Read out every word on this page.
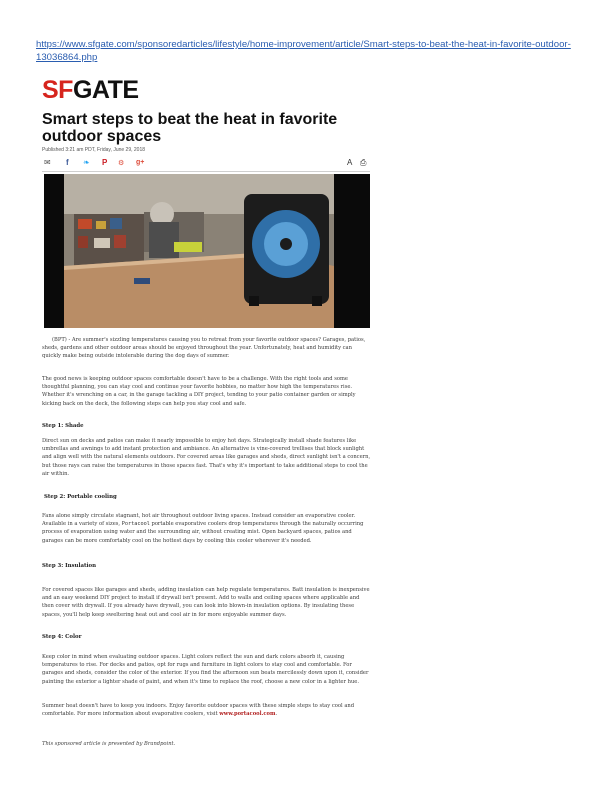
https://www.sfgate.com/sponsoredarticles/lifestyle/home-improvement/article/Smart-steps-to-beat-the-heat-in-favorite-outdoor-13036864.php
SFGATE
Smart steps to beat the heat in favorite outdoor spaces
Published 3:21 am PDT, Friday, June 29, 2018
✉ f ❧ P ⚙ g+	A ⎙

(BPT) - Are summer's sizzling temperatures causing you to retreat from your favorite outdoor spaces? Garages, patios, sheds, gardens and other outdoor areas should be enjoyed throughout the year. Unfortunately, heat and humidity can quickly make being outside intolerable during the dog days of summer.

The good news is keeping outdoor spaces comfortable doesn't have to be a challenge. With the right tools and some thoughtful planning, you can stay cool and continue your favorite hobbies, no matter how high the temperatures rise. Whether it's wrenching on a car, in the garage tackling a DIY project, tending to your patio container garden or simply kicking back on the deck, the following steps can help you stay cool and safe.

Step 1: Shade

Direct sun on decks and patios can make it nearly impossible to enjoy hot days. Strategically install shade features like umbrellas and awnings to add instant protection and ambiance. An alternative is vine-covered trellises that block sunlight and align well with the natural elements outdoors. For covered areas like garages and sheds, direct sunlight isn't a concern, but those rays can raise the temperatures in those spaces fast. That's why it's important to take additional steps to cool the air within.

Step 2: Portable cooling

Fans alone simply circulate stagnant, hot air throughout outdoor living spaces. Instead consider an evaporative cooler. Available in a variety of sizes, Portacool portable evaporative coolers drop temperatures through the naturally occurring process of evaporation using water and the surrounding air, without creating mist. Open backyard spaces, patios and garages can be more comfortably cool on the hottest days by cooling this cooler wherever it's needed.

Step 3: Insulation

For covered spaces like garages and sheds, adding insulation can help regulate temperatures. Batt insulation is inexpensive and an easy weekend DIY project to install if drywall isn't present. Add to walls and ceiling spaces where applicable and then cover with drywall. If you already have drywall, you can look into blown-in insulation options. By insulating these spaces, you'll help keep sweltering heat out and cool air in for more enjoyable summer days.

Step 4: Color

Keep color in mind when evaluating outdoor spaces. Light colors reflect the sun and dark colors absorb it, causing temperatures to rise. For decks and patios, opt for rugs and furniture in light colors to stay cool and comfortable. For garages and sheds, consider the color of the exterior. If you find the afternoon sun beats mercilessly down upon it, consider painting the exterior a lighter shade of paint, and when it's time to replace the roof, choose a new color in a lighter hue.

Summer heat doesn't have to keep you indoors. Enjoy favorite outdoor spaces with these simple steps to stay cool and comfortable. For more information about evaporative coolers, visit www.portacool.com.

This sponsored article is presented by Brandpoint.
